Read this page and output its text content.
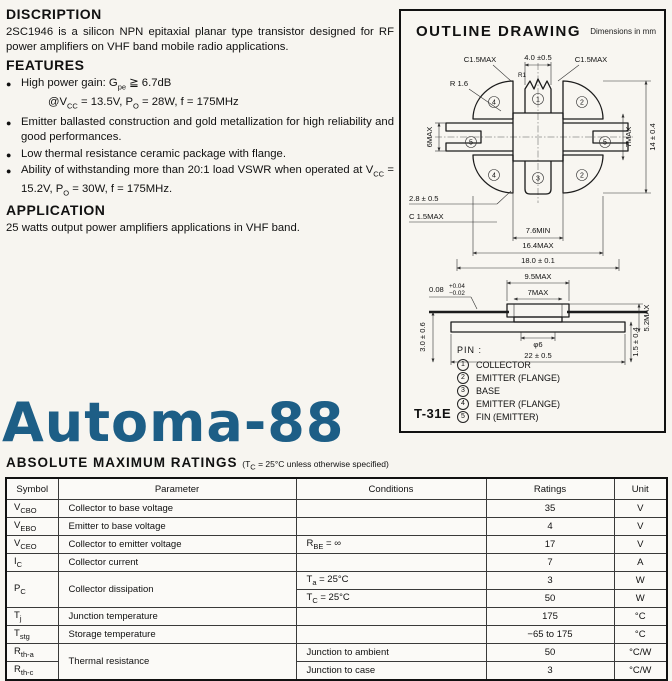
DISCRIPTION

2SC1946 is a silicon NPN epitaxial planar type transistor designed for RF power amplifiers on VHF band mobile radio applications.

FEATURES
● High power gain: $G_{pe}$ ≧ 6.7dB
$@V_{CC} = 13.5V$, $P_O = 28W$, f = 175MHz
● Emitter ballasted construction and gold metallization for high reliability and good performances.
● Low thermal resistance ceramic package with flange.
● Ability of withstanding more than 20:1 load VSWR when operated at $V_{CC} = 15.2V$, $P_O = 30W$, f = 175MHz.
APPLICATION

25 watts output power amplifiers applications in VHF band.

Automa-88
4	1	2
5	5
4	3	2
4.0 ±0.5
C1.5MAX	C1.5MAX
R1
R 1.6
6MAX	7MAX 14 ± 0.4
2.8 ± 0.5
C 1.5MAX
7.6MIN
16.4MAX
18.0 ± 0.1
9.5MAX
7MAX
0.08 +0.04
−0.02
5.2MAX
φ6
22 ± 0.5
3.0 ± 0.6	1.5 ± 0.4
OUTLINE DRAWING Dimensions in mm
PIN :
1	COLLECTOR
2	EMITTER (FLANGE)
3	BASE
4	EMITTER (FLANGE)
5	FIN (EMITTER)
T-31E
ABSOLUTE MAXIMUM RATINGS ($T_C = 25^\circ C$ unless otherwise specified)
Symbol	Parameter	Conditions	Ratings	Unit
$V_{CBO}$	Collector to base voltage		35	V
$V_{EBO}$	Emitter to base voltage		4	V
$V_{CEO}$	Collector to emitter voltage	$R_{BE}$ = ∞	17	V
$I_C$	Collector current		7	A
$P_C$	Collector dissipation	$T_a = 25^\circ C$	3	W
		$T_C = 25^\circ C$	50	W
$T_j$	Junction temperature		175	°C
$T_{stg}$	Storage temperature		−65 to 175	°C
$R_{th-a}$	Thermal resistance	Junction to ambient	50	°C/W
$R_{th-c}$		Junction to case	3	°C/W
